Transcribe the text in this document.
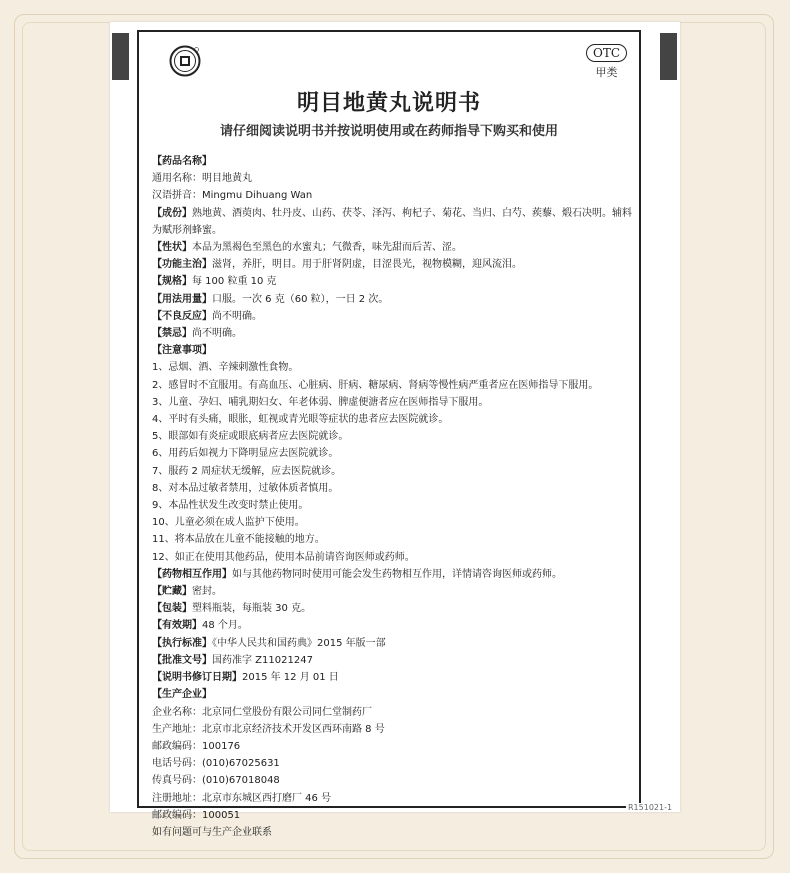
OTC
甲类
明目地黄丸说明书
请仔细阅读说明书并按说明使用或在药师指导下购买和使用
【药品名称】
通用名称：明目地黄丸
汉语拼音：Mingmu Dihuang Wan
【成份】熟地黄、酒萸肉、牡丹皮、山药、茯苓、泽泻、枸杞子、菊花、当归、白芍、蒺藜、煅石决明。辅料为赋形剂蜂蜜。
【性状】本品为黑褐色至黑色的水蜜丸；气微香，味先甜而后苦、涩。
【功能主治】滋肾，养肝，明目。用于肝肾阴虚，目涩畏光，视物模糊，迎风流泪。
【规格】每 100 粒重 10 克
【用法用量】口服。一次 6 克（60 粒），一日 2 次。
【不良反应】尚不明确。
【禁忌】尚不明确。
【注意事项】
1、忌烟、酒、辛辣刺激性食物。
2、感冒时不宜服用。有高血压、心脏病、肝病、糖尿病、肾病等慢性病严重者应在医师指导下服用。
3、儿童、孕妇、哺乳期妇女、年老体弱、脾虚便溏者应在医师指导下服用。
4、平时有头痛，眼胀，虹视或青光眼等症状的患者应去医院就诊。
5、眼部如有炎症或眼底病者应去医院就诊。
6、用药后如视力下降明显应去医院就诊。
7、服药 2 周症状无缓解，应去医院就诊。
8、对本品过敏者禁用，过敏体质者慎用。
9、本品性状发生改变时禁止使用。
10、儿童必须在成人监护下使用。
11、将本品放在儿童不能接触的地方。
12、如正在使用其他药品，使用本品前请咨询医师或药师。
【药物相互作用】如与其他药物同时使用可能会发生药物相互作用，详情请咨询医师或药师。
【贮藏】密封。
【包装】塑料瓶装，每瓶装 30 克。
【有效期】48 个月。
【执行标准】《中华人民共和国药典》2015 年版一部
【批准文号】国药准字 Z11021247
【说明书修订日期】2015 年 12 月 01 日
【生产企业】
企业名称：北京同仁堂股份有限公司同仁堂制药厂
生产地址：北京市北京经济技术开发区西环南路 8 号
邮政编码：100176
电话号码：(010)67025631
传真号码：(010)67018048
注册地址：北京市东城区西打磨厂 46 号
邮政编码：100051
如有问题可与生产企业联系
R151021-1
